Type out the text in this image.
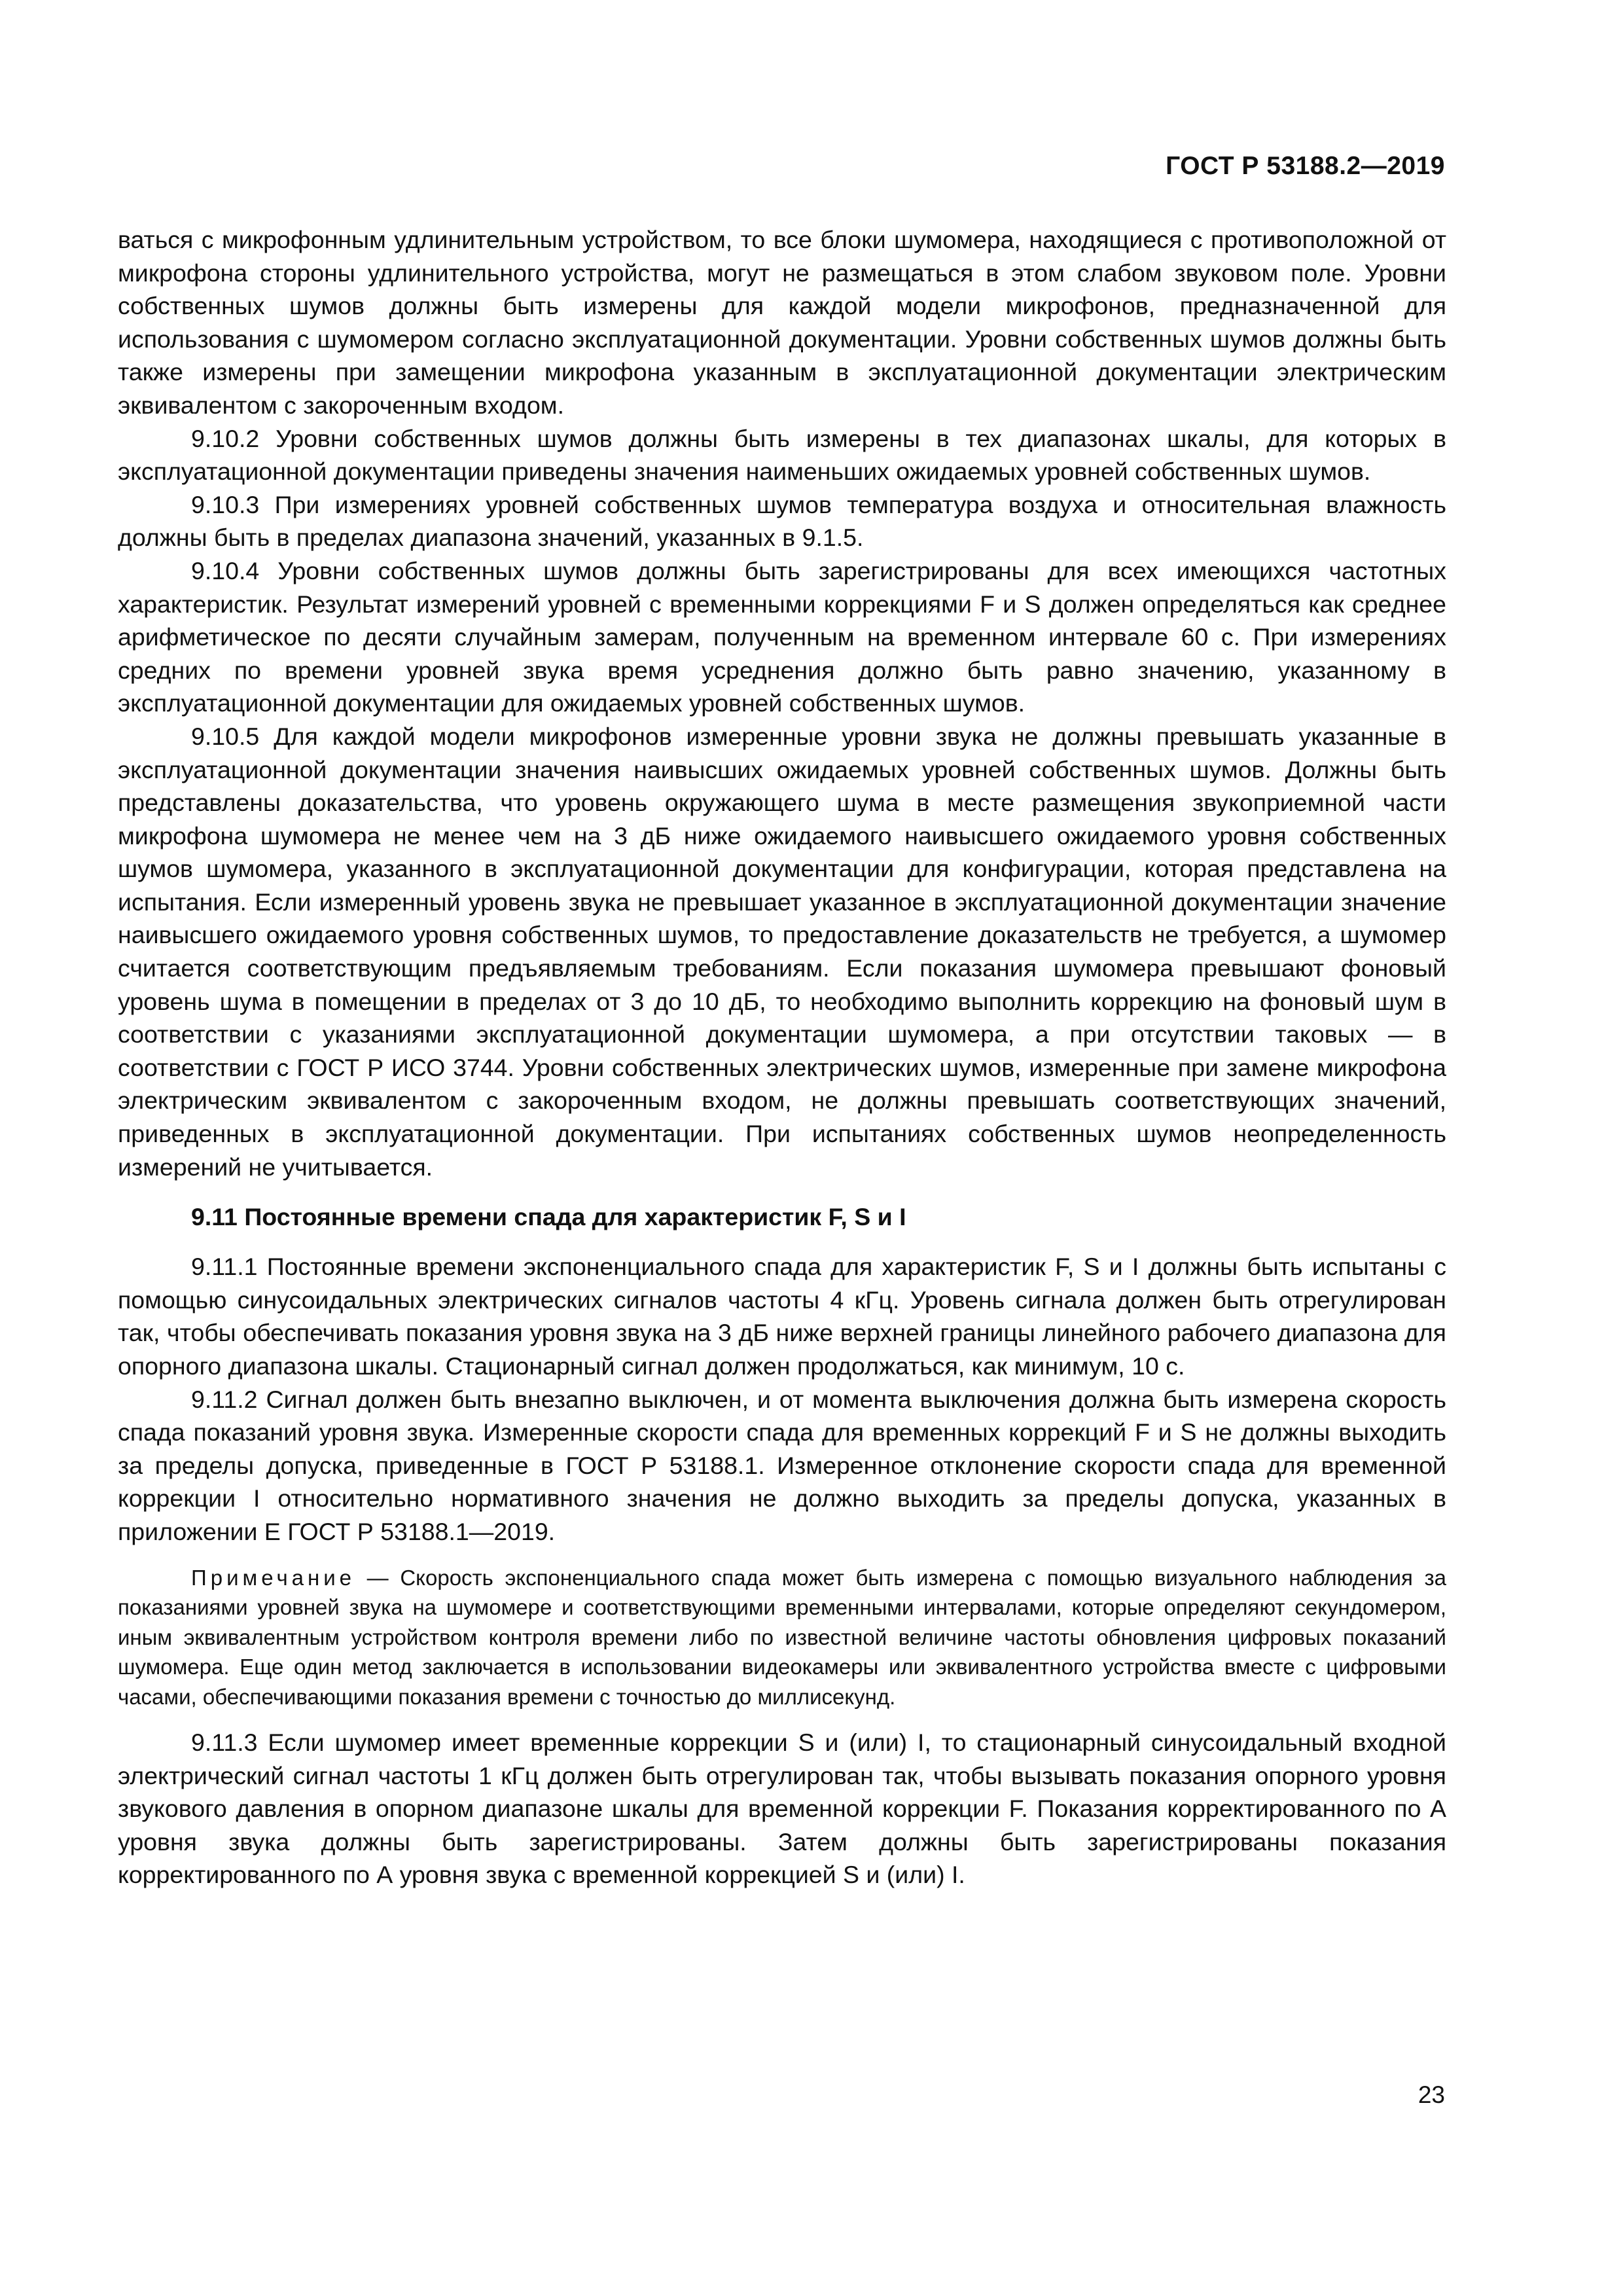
ГОСТ Р 53188.2—2019

ваться с микрофонным удлинительным устройством, то все блоки шумомера, находящиеся с противоположной от микрофона стороны удлинительного устройства, могут не размещаться в этом слабом звуковом поле. Уровни собственных шумов должны быть измерены для каждой модели микрофонов, предназначенной для использования с шумомером согласно эксплуатационной документации. Уровни собственных шумов должны быть также измерены при замещении микрофона указанным в эксплуатационной документации электрическим эквивалентом с закороченным входом.

9.10.2 Уровни собственных шумов должны быть измерены в тех диапазонах шкалы, для которых в эксплуатационной документации приведены значения наименьших ожидаемых уровней собственных шумов.

9.10.3 При измерениях уровней собственных шумов температура воздуха и относительная влажность должны быть в пределах диапазона значений, указанных в 9.1.5.

9.10.4 Уровни собственных шумов должны быть зарегистрированы для всех имеющихся частотных характеристик. Результат измерений уровней с временными коррекциями F и S должен определяться как среднее арифметическое по десяти случайным замерам, полученным на временном интервале 60 с. При измерениях средних по времени уровней звука время усреднения должно быть равно значению, указанному в эксплуатационной документации для ожидаемых уровней собственных шумов.

9.10.5 Для каждой модели микрофонов измеренные уровни звука не должны превышать указанные в эксплуатационной документации значения наивысших ожидаемых уровней собственных шумов. Должны быть представлены доказательства, что уровень окружающего шума в месте размещения звукоприемной части микрофона шумомера не менее чем на 3 дБ ниже ожидаемого наивысшего ожидаемого уровня собственных шумов шумомера, указанного в эксплуатационной документации для конфигурации, которая представлена на испытания. Если измеренный уровень звука не превышает указанное в эксплуатационной документации значение наивысшего ожидаемого уровня собственных шумов, то предоставление доказательств не требуется, а шумомер считается соответствующим предъявляемым требованиям. Если показания шумомера превышают фоновый уровень шума в помещении в пределах от 3 до 10 дБ, то необходимо выполнить коррекцию на фоновый шум в соответствии с указаниями эксплуатационной документации шумомера, а при отсутствии таковых — в соответствии с ГОСТ Р ИСО 3744. Уровни собственных электрических шумов, измеренные при замене микрофона электрическим эквивалентом с закороченным входом, не должны превышать соответствующих значений, приведенных в эксплуатационной документации. При испытаниях собственных шумов неопределенность измерений не учитывается.

9.11 Постоянные времени спада для характеристик F, S и I

9.11.1 Постоянные времени экспоненциального спада для характеристик F, S и I должны быть испытаны с помощью синусоидальных электрических сигналов частоты 4 кГц. Уровень сигнала должен быть отрегулирован так, чтобы обеспечивать показания уровня звука на 3 дБ ниже верхней границы линейного рабочего диапазона для опорного диапазона шкалы. Стационарный сигнал должен продолжаться, как минимум, 10 с.

9.11.2 Сигнал должен быть внезапно выключен, и от момента выключения должна быть измерена скорость спада показаний уровня звука. Измеренные скорости спада для временных коррекций F и S не должны выходить за пределы допуска, приведенные в ГОСТ Р 53188.1. Измеренное отклонение скорости спада для временной коррекции I относительно нормативного значения не должно выходить за пределы допуска, указанных в приложении Е ГОСТ Р 53188.1—2019.

Примечание — Скорость экспоненциального спада может быть измерена с помощью визуального наблюдения за показаниями уровней звука на шумомере и соответствующими временными интервалами, которые определяют секундомером, иным эквивалентным устройством контроля времени либо по известной величине частоты обновления цифровых показаний шумомера. Еще один метод заключается в использовании видеокамеры или эквивалентного устройства вместе с цифровыми часами, обеспечивающими показания времени с точностью до миллисекунд.

9.11.3 Если шумомер имеет временные коррекции S и (или) I, то стационарный синусоидальный входной электрический сигнал частоты 1 кГц должен быть отрегулирован так, чтобы вызывать показания опорного уровня звукового давления в опорном диапазоне шкалы для временной коррекции F. Показания корректированного по А уровня звука должны быть зарегистрированы. Затем должны быть зарегистрированы показания корректированного по А уровня звука с временной коррекцией S и (или) I.

23
